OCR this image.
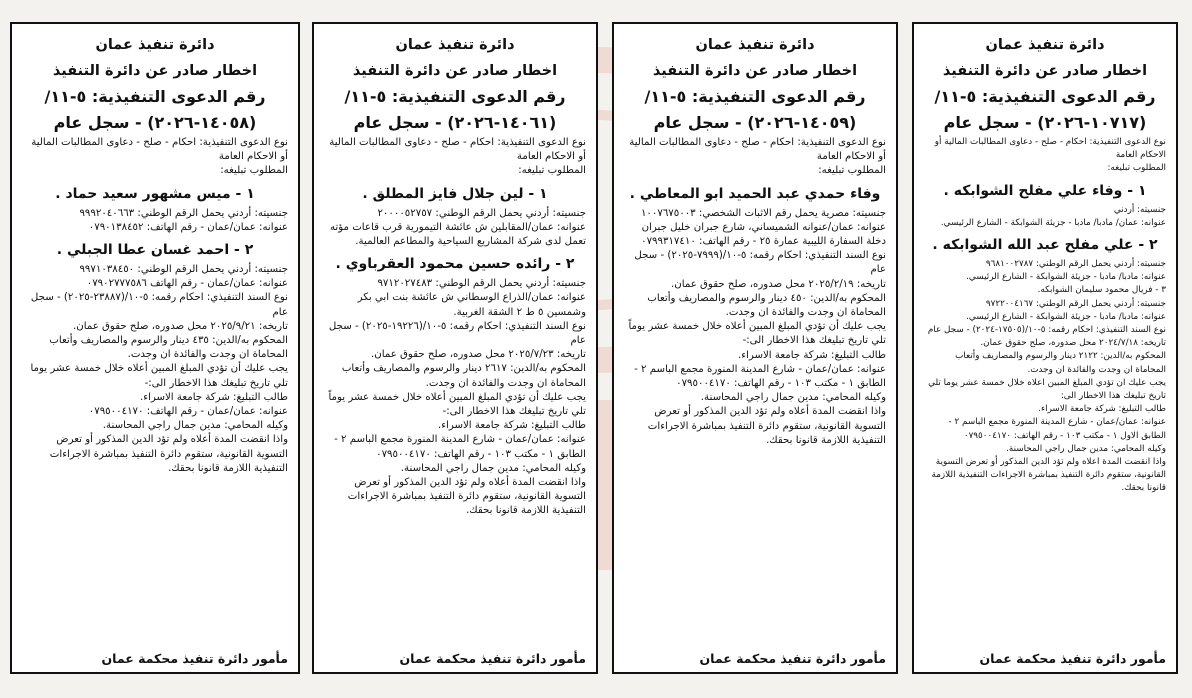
دائرة تنفيذ عمان
اخطار صادر عن دائرة التنفيذ
رقم الدعوى التنفيذية: ٥-١١/
(١٠٧١٧-٢٠٢٦) - سجل عام

نوع الدعوى التنفيذية: احكام - صلح - دعاوى المطالبات المالية أو الاحكام العامة

المطلوب تبليغه:

١ - وفاء علي مفلح الشوابكه .

جنسيته: أردني

عنوانه: عمان/ مادبا/ مادبا - جزيئة الشوابكة - الشارع الرئيسي.

٢ - علي مفلح عبد الله الشوابكه .

جنسيته: أردني يحمل الرقم الوطني: ٩٦٨١٠٠٢٧٨٧

عنوانه: مادبا/ مادبا - جزيئة الشوابكة - الشارع الرئيسي.

٣ - فريال محمود سليمان الشوابكه.

جنسيته: أردني يحمل الرقم الوطني: ٩٧٢٢٠٠٤١٦٧

عنوانه: مادبا/ مادبا - جزيئة الشوابكة - الشارع الرئيسي.

نوع السند التنفيذي: احكام رقمه: ٥-١٠/(١٧٥٠٥-٢٠٢٤) - سجل عام

تاريخه: ٢٠٢٤/٧/١٨ محل صدوره، صلح حقوق عمان.

المحكوم به/الدين: ٢١٢٢ دينار والرسوم والمصاريف وأتعاب المحاماة ان وجدت والفائدة ان وجدت.

يجب عليك ان تؤدي المبلغ المبين اعلاه خلال خمسة عشر يوما تلي تاريخ تبليغك هذا الاخطار الى:

طالب التبليغ: شركة جامعة الاسراء.

عنوانه: عمان/عمان - شارع المدينة المنورة مجمع الباسم ٢ - الطابق الاول ١ - مكتب ١٠٣ - رقم الهاتف: ٠٧٩٥٠٠٤١٧٠

وكيله المحامي: مدين جمال راجي المحاسنة.

واذا انقضت المدة اعلاه ولم تؤد الدين المذكور أو تعرض التسوية القانونية، ستقوم دائرة التنفيذ بمباشرة الاجراءات التنفيذية اللازمة قانونا بحقك.

مأمور دائرة تنفيذ محكمة عمان
دائرة تنفيذ عمان
اخطار صادر عن دائرة التنفيذ
رقم الدعوى التنفيذية: ٥-١١/
(١٤٠٥٩-٢٠٢٦) - سجل عام

نوع الدعوى التنفيذية: احكام - صلح - دعاوى المطالبات المالية أو الاحكام العامة

المطلوب تبليغه:

وفاء حمدي عبد الحميد ابو المعاطي .

جنسيته: مصرية يحمل رقم الاثبات الشخصي: ١٠٠٧٦٧٥٠٠٣

عنوانه: عمان/عنوانه الشميساني، شارع جبران خليل جبران دخلة السفارة الليبية عمارة ٢٥ - رقم الهاتف: ٠٧٩٩٣١٧٤١٠

نوع السند التنفيذي: احكام رقمه: ٥-١٠/(٧٩٩٩-٢٠٢٥) - سجل عام

تاريخه: ٢٠٢٥/٢/١٩ محل صدوره، صلح حقوق عمان.

المحكوم به/الدين: ٤٥٠ دينار والرسوم والمصاريف وأتعاب المحاماة ان وجدت والفائدة ان وجدت.

يجب عليك أن تؤدي المبلغ المبين أعلاه خلال خمسة عشر يوماً تلي تاريخ تبليغك هذا الاخطار الى:-

طالب التبليغ: شركة جامعة الاسراء.

عنوانه: عمان/عمان - شارع المدينة المنورة مجمع الباسم ٢ - الطابق ١ - مكتب ١٠٣ - رقم الهاتف: ٠٧٩٥٠٠٤١٧٠

وكيله المحامي: مدين جمال راجي المحاسنة.

واذا انقضت المدة أعلاه ولم تؤد الدين المذكور أو تعرض التسوية القانونية، ستقوم دائرة التنفيذ بمباشرة الاجراءات التنفيذية اللازمة قانونا بحقك.

مأمور دائرة تنفيذ محكمة عمان
دائرة تنفيذ عمان
اخطار صادر عن دائرة التنفيذ
رقم الدعوى التنفيذية: ٥-١١/
(١٤٠٦١-٢٠٢٦) - سجل عام

نوع الدعوى التنفيذية: احكام - صلح - دعاوى المطالبات المالية أو الاحكام العامة

المطلوب تبليغه:

١ - لين جلال فايز المطلق .

جنسيته: أردني يحمل الرقم الوطني: ٢٠٠٠٠٥٢٧٥٧

عنوانه: عمان/المقابلين ش عائشة التيمورية قرب قاعات مؤته تعمل لدى شركة المشاريع السياحية والمطاعم العالمية.

٢ - رائده حسين محمود العقرباوي .

جنسيته: أردني يحمل الرقم الوطني: ٩٧١٢٠٢٧٤٨٣

عنوانه: عمان/الذراع الوسطاني ش عائشة بنت ابي بكر وشمسين ٥ ط ٢ الشقة الغربية.

نوع السند التنفيذي: احكام رقمه: ٥-١٠/(١٩٢٢٦-٢٠٢٥) - سجل عام

تاريخه: ٢٠٢٥/٧/٢٣ محل صدوره، صلح حقوق عمان.

المحكوم به/الدين: ٢٦١٧ دينار والرسوم والمصاريف وأتعاب المحاماة ان وجدت والفائدة ان وجدت.

يجب عليك أن تؤدي المبلغ المبين أعلاه خلال خمسة عشر يوماً تلي تاريخ تبليغك هذا الاخطار الى:-

طالب التبليغ: شركة جامعة الاسراء.

عنوانه: عمان/عمان - شارع المدينة المنورة مجمع الباسم ٢ - الطابق ١ - مكتب ١٠٣ - رقم الهاتف: ٠٧٩٥٠٠٤١٧٠

وكيله المحامي: مدين جمال راجي المحاسنة.

واذا انقضت المدة أعلاه ولم تؤد الدين المذكور أو تعرض التسوية القانونية، ستقوم دائرة التنفيذ بمباشرة الاجراءات التنفيذية اللازمة قانونا بحقك.

مأمور دائرة تنفيذ محكمة عمان
دائرة تنفيذ عمان
اخطار صادر عن دائرة التنفيذ
رقم الدعوى التنفيذية: ٥-١١/
(١٤٠٥٨-٢٠٢٦) - سجل عام

نوع الدعوى التنفيذية: احكام - صلح - دعاوى المطالبات المالية أو الاحكام العامة

المطلوب تبليغه:

١ - ميس مشهور سعيد حماد .

جنسيته: أردني يحمل الرقم الوطني: ٩٩٩٢٠٤٠٦٦٣

عنوانه: عمان/عمان - رقم الهاتف: ٠٧٩٠١٣٨٤٥٢

٢ - احمد غسان عطا الجبلي .

جنسيته: أردني يحمل الرقم الوطني: ٩٩٧١٠٣٨٤٥٠

عنوانه: عمان/عمان - رقم الهاتف ٠٧٩٠٢٧٧٧٥٨٦

نوع السند التنفيذي: احكام رقمه: ٥-١٠/(٢٣٨٨٧-٢٠٢٥) - سجل عام

تاريخه: ٢٠٢٥/٩/٢١ محل صدوره، صلح حقوق عمان.

المحكوم به/الدين: ٤٣٥ دينار والرسوم والمصاريف وأتعاب المحاماة ان وجدت والفائدة ان وجدت.

يجب عليك أن تؤدي المبلغ المبين أعلاه خلال خمسة عشر يوما تلي تاريخ تبليغك هذا الاخطار الى:-

طالب التبليغ: شركة جامعة الاسراء.

عنوانه: عمان/عمان - رقم الهاتف: ٠٧٩٥٠٠٤١٧٠

وكيله المحامي: مدين جمال راجي المحاسنة.

واذا انقضت المدة أعلاه ولم تؤد الدين المذكور أو تعرض التسوية القانونية، ستقوم دائرة التنفيذ بمباشرة الاجراءات التنفيذية اللازمة قانونا بحقك.

مأمور دائرة تنفيذ محكمة عمان
